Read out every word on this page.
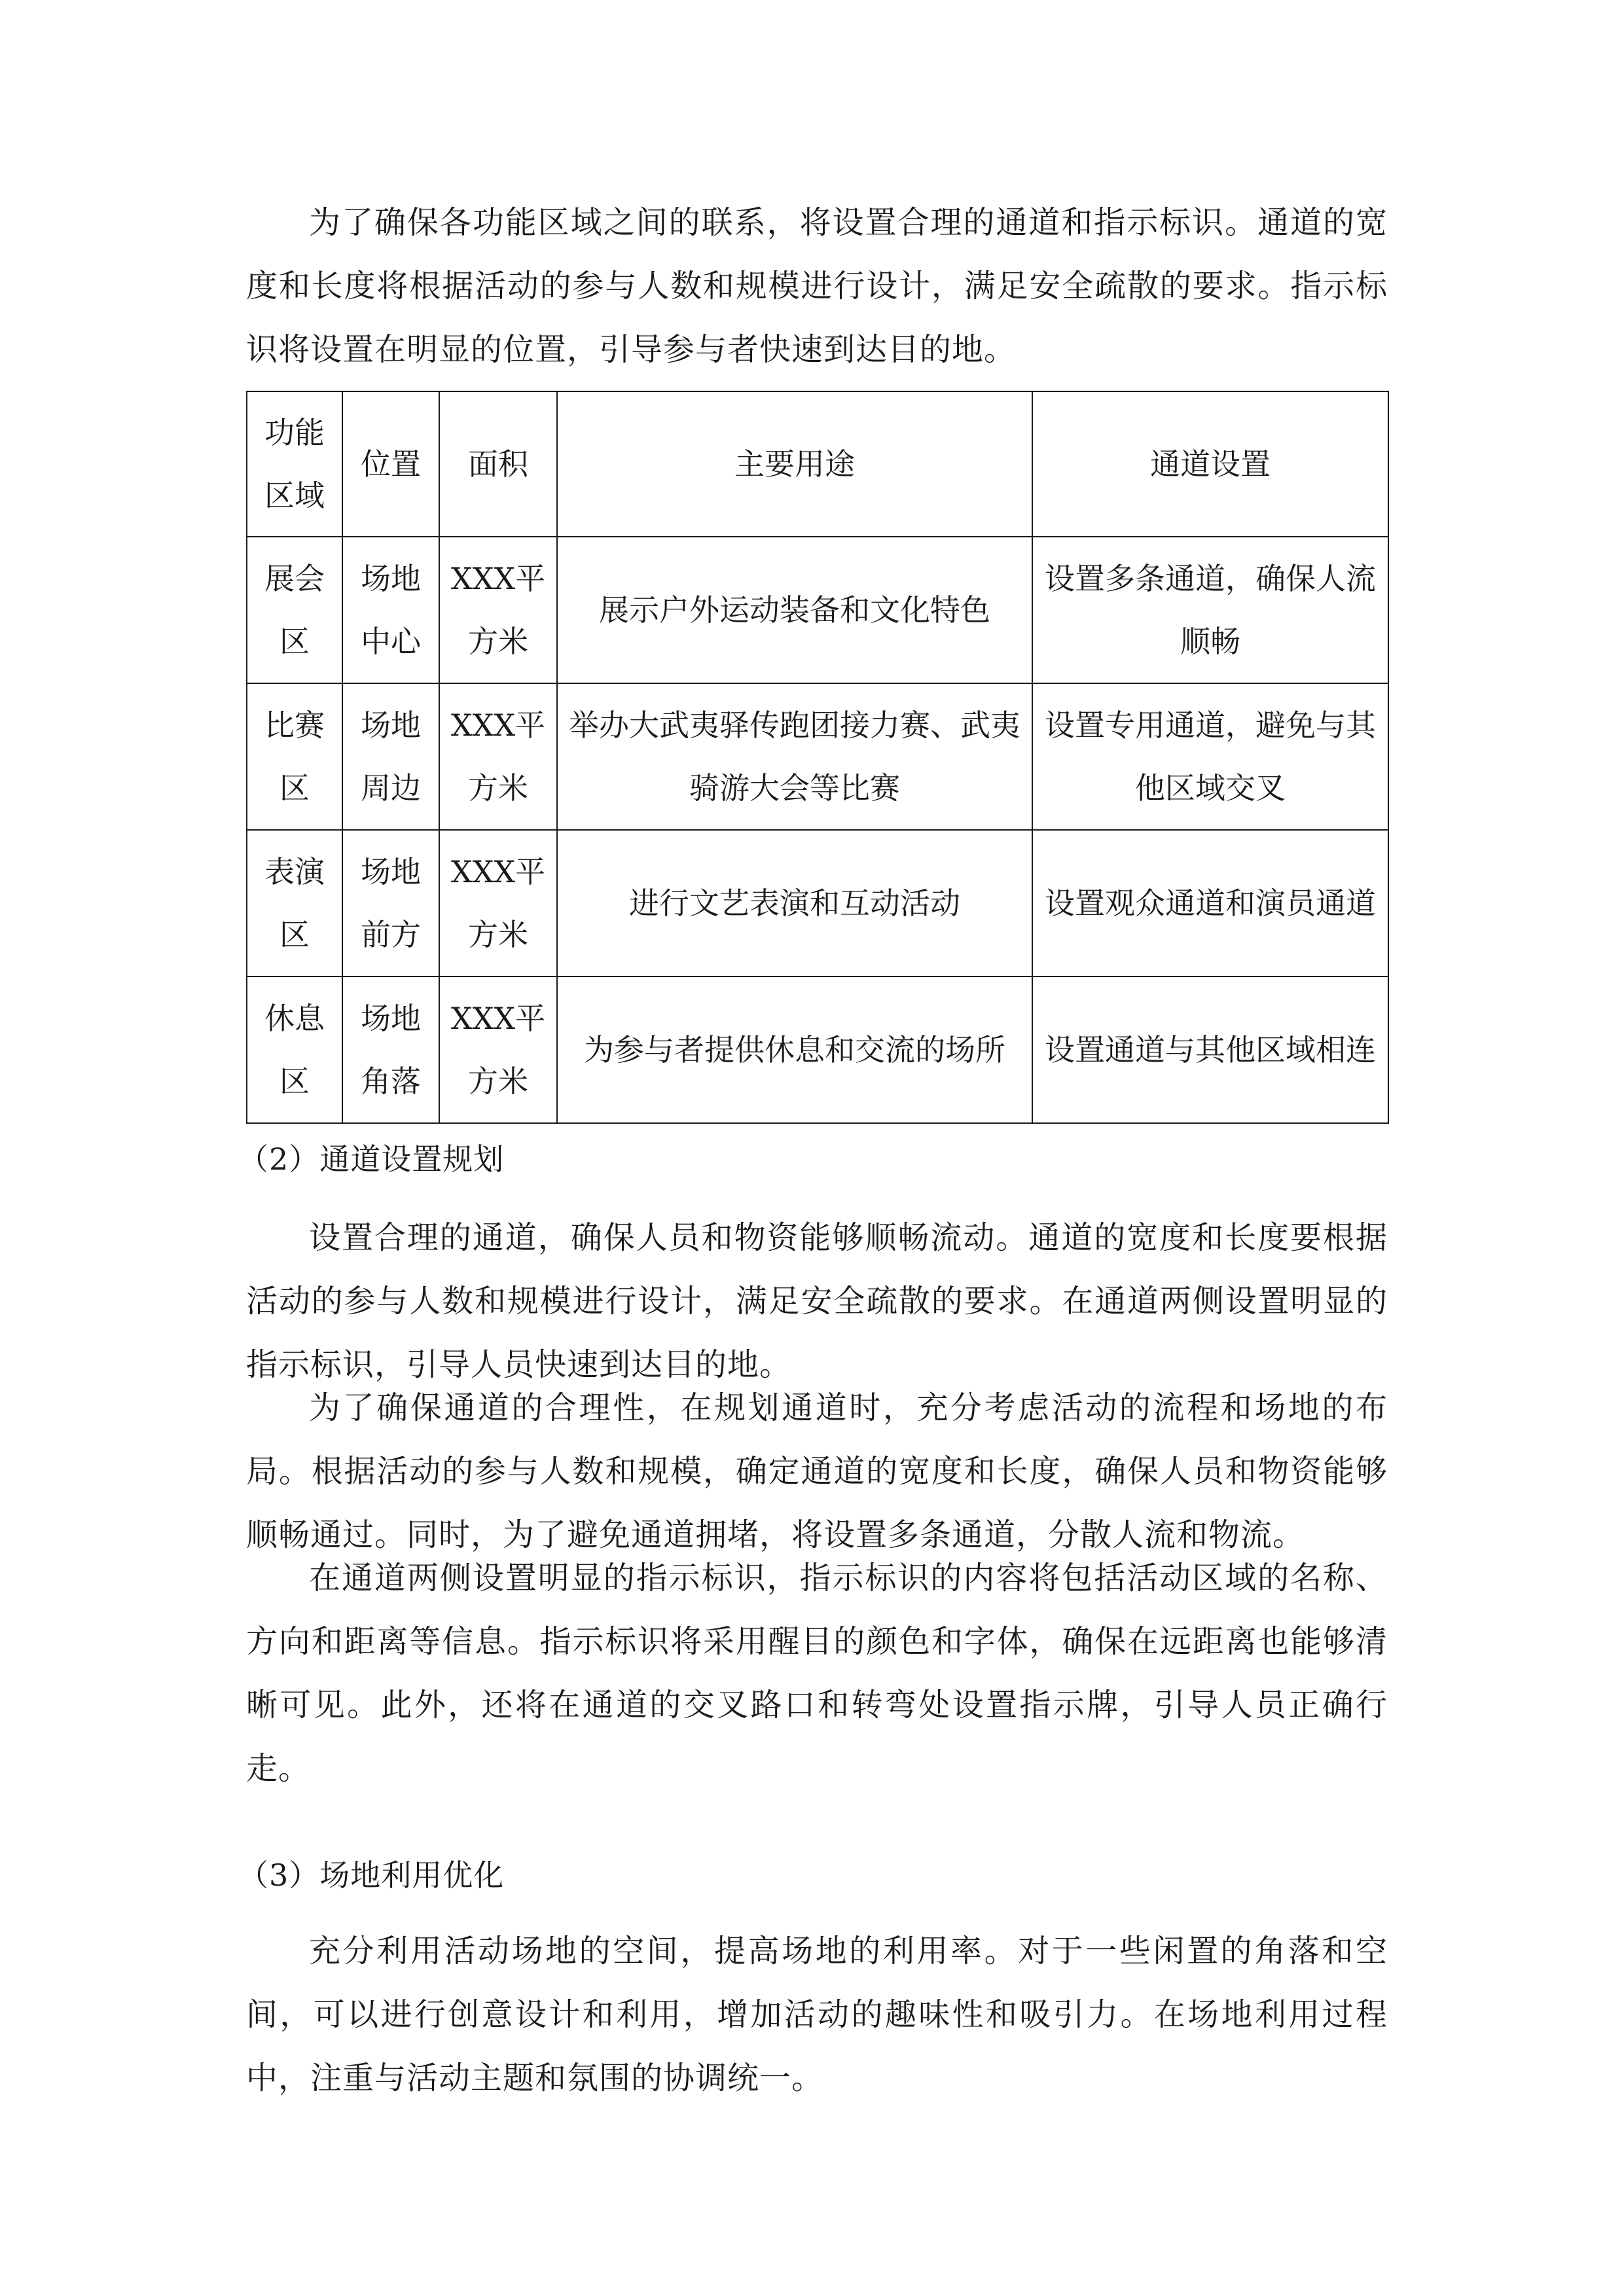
为了确保各功能区域之间的联系，将设置合理的通道和指示标识。通道的宽度和长度将根据活动的参与人数和规模进行设计，满足安全疏散的要求。指示标识将设置在明显的位置，引导参与者快速到达目的地。

功能区域	位置	面积	主要用途	通道设置
展会区	场地中心	XXX平方米	展示户外运动装备和文化特色	设置多条通道，确保人流顺畅
比赛区	场地周边	XXX平方米	举办大武夷驿传跑团接力赛、武夷骑游大会等比赛	设置专用通道，避免与其他区域交叉
表演区	场地前方	XXX平方米	进行文艺表演和互动活动	设置观众通道和演员通道
休息区	场地角落	XXX平方米	为参与者提供休息和交流的场所	设置通道与其他区域相连

（2）通道设置规划

设置合理的通道，确保人员和物资能够顺畅流动。通道的宽度和长度要根据活动的参与人数和规模进行设计，满足安全疏散的要求。在通道两侧设置明显的指示标识，引导人员快速到达目的地。

为了确保通道的合理性，在规划通道时，充分考虑活动的流程和场地的布局。根据活动的参与人数和规模，确定通道的宽度和长度，确保人员和物资能够顺畅通过。同时，为了避免通道拥堵，将设置多条通道，分散人流和物流。

在通道两侧设置明显的指示标识，指示标识的内容将包括活动区域的名称、方向和距离等信息。指示标识将采用醒目的颜色和字体，确保在远距离也能够清晰可见。此外，还将在通道的交叉路口和转弯处设置指示牌，引导人员正确行走。

（3）场地利用优化

充分利用活动场地的空间，提高场地的利用率。对于一些闲置的角落和空间，可以进行创意设计和利用，增加活动的趣味性和吸引力。在场地利用过程中，注重与活动主题和氛围的协调统一。
